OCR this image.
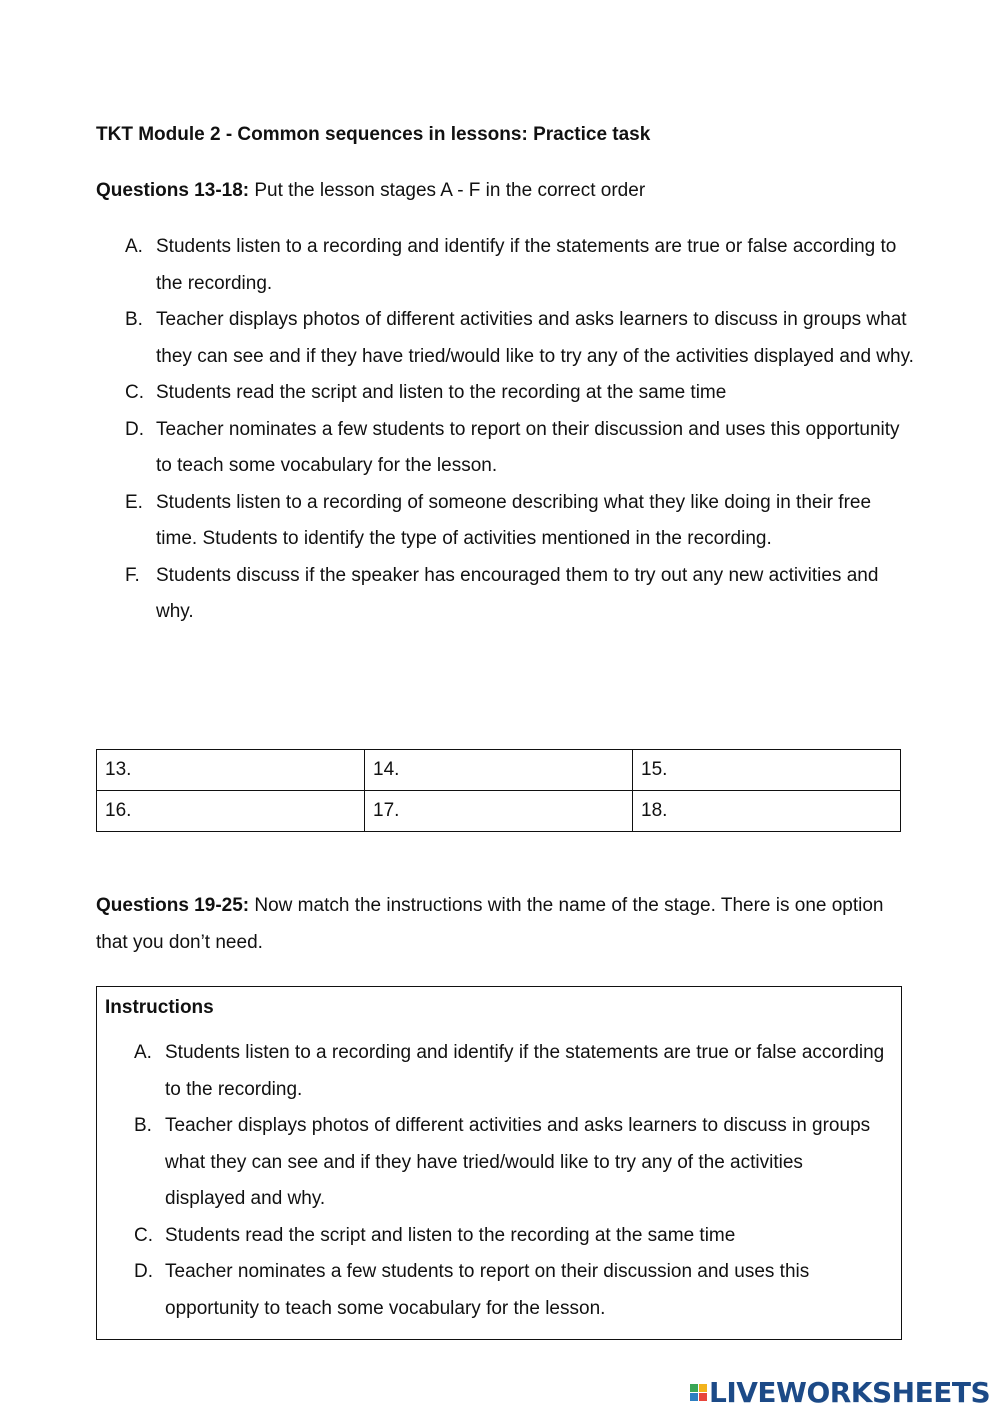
TKT Module 2 - Common sequences in lessons: Practice task
Questions 13-18: Put the lesson stages A - F in the correct order
A. Students listen to a recording and identify if the statements are true or false according to the recording.
B. Teacher displays photos of different activities and asks learners to discuss in groups what they can see and if they have tried/would like to try any of the activities displayed and why.
C. Students read the script and listen to the recording at the same time
D. Teacher nominates a few students to report on their discussion and uses this opportunity to teach some vocabulary for the lesson.
E. Students listen to a recording of someone describing what they like doing in their free time. Students to identify the type of activities mentioned in the recording.
F. Students discuss if the speaker has encouraged them to try out any new activities and why.
13.	14.	15.
16.	17.	18.
Questions 19-25: Now match the instructions with the name of the stage. There is one option that you don’t need.
Instructions
A. Students listen to a recording and identify if the statements are true or false according to the recording.
B. Teacher displays photos of different activities and asks learners to discuss in groups what they can see and if they have tried/would like to try any of the activities displayed and why.
C. Students read the script and listen to the recording at the same time
D. Teacher nominates a few students to report on their discussion and uses this opportunity to teach some vocabulary for the lesson.
LIVEWORKSHEETS
